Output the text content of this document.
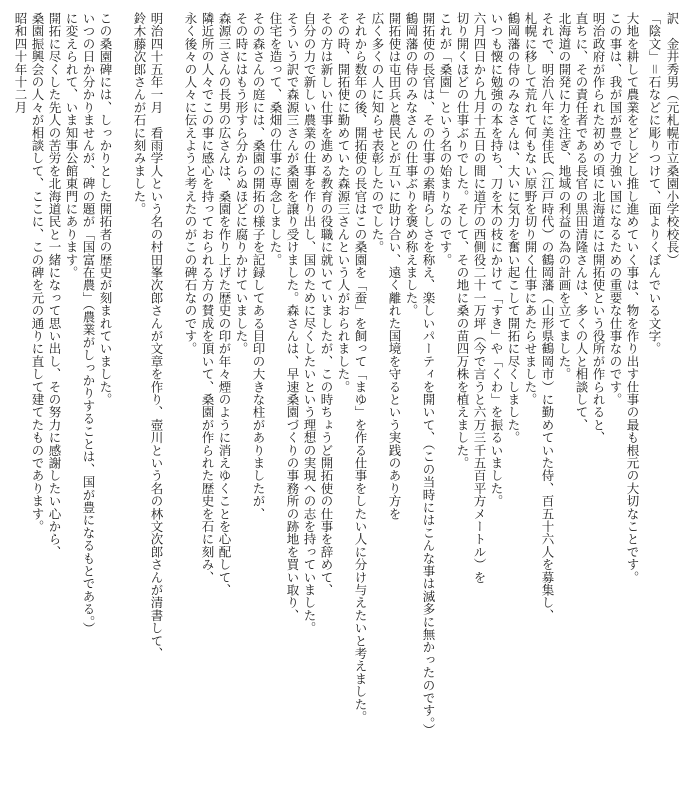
訳　金井秀男（元札幌市立桑園小学校校長）
「陰文」＝石などに彫りつけて、面よりくぼんでいる文字。
大地を耕して農業をどしどし推し進めていく事は、物を作り出す仕事の最も根元の大切なことです。
この事は、我が国が豊で力強い国になるための重要な仕事なのです。
明治政府が作られた初めの頃に北海道には開拓使という役所が作られると、
直ちに、その責任者である長官の黒田清隆さんは、多くの人と相談して、
北海道の開発に力を注ぎ、地域の利益の為の計画を立てました。
それで、明治八年に美佳氏（江戸時代）の鶴岡藩（山形県鶴岡市）に勤めていた侍、百五十六人を募集し、
札幌に移して荒れて何もない原野を切り開く仕事にあたらせました。
鶴岡藩の侍のみなさんは、大いに気力を奮い起こして開拓に尽くしました。
いつも懐に勉強の本を持ち、刀を木の枝にかけて「すき」や「くわ」を振るいました。
六月四日から九月十五日の間に道庁の西側役二十一万坪（今で言うと六万三千五百平方メートル）を
切り開くほどの仕事ぶりでした。そして、その地に桑の苗四万株を植えました。
これが「桑園」という名の始まりなのです。
開拓使の長官は、その仕事の素晴らしさを称え、楽しいパーティを開いて、（この当時にはこんな事は滅多に無かったのです。）
鶴岡藩の侍のみなさんの仕事ぶりを褒め称えました。
開拓使は屯田兵と農民とが互いに助け合い、遠く離れた国境を守るという実践のあり方を
広く多くの人に知らせ表彰したのでした。
それから数年の後、開拓使の長官はこの桑園を「蚕」を飼って「まゆ」を作る仕事をしたい人に分け与えたいと考えました。
その時、開拓使に勤めていた森源三さんという人がおられました。
その方は新しい仕事を進める教育の役職に就いていましたが、この時ちょうど開拓使の仕事を辞めて、
自分の力で新しい農業の仕事を作り出し、国のために尽くしたいという理想の実現への志を持っていました。
そういう訳で森源三さんが桑園を譲り受けました。森さんは、早速桑園づくりの事務所の跡地を買い取り、
住宅を造って、桑畑の仕事に専念しました。
その森さんの庭には、桑園の開拓の様子を記録してある目印の大きな柱がありましたが、
その時にはもう形すら分からぬほどに腐りかけていました。
森源三さんの長男の広さんは、桑園を作り上げた歴史の印が年々煙のように消えゆくことを心配して、
隣近所の人々でこの事に感心を持っておられる方の賛成を頂いて、桑園が作られた歴史を石に刻み、
永く後々の人々に伝えようと考えたのがこの碑石なのです。
明治四十五年一月　看雨学人という名の村田峯次郎さんが文章を作り、壺川という名の林文次郎さんが清書して、
鈴木藤次郎さんが石に刻みました。
この桑園碑には、しっかりとした開拓者の歴史が刻まれていました。
いつの日か分かりませんが、碑の題が「国富在農」（農業がしっかりすることは、国が豊になるもとである。）
に変えられて、いま知事公館東門にあります。
開拓に尽くした先人の苦労を北海道民と一緒になって思い出し、その努力に感謝したい心から、
桑園振興会の人々が相談して、ここに、この碑を元の通りに直して建てたものであります。
昭和四十年十二月
